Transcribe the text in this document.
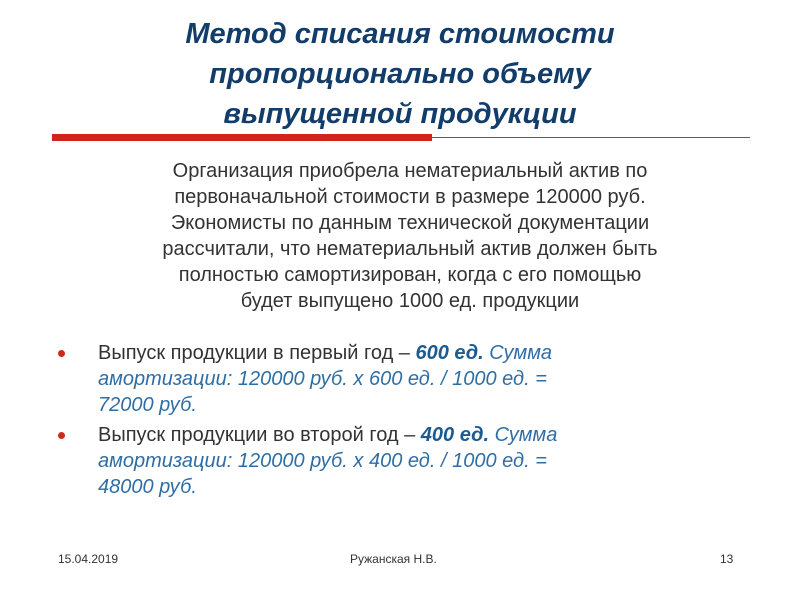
Метод списания стоимости
пропорционально объему
выпущенной продукции
Организация приобрела нематериальный актив по
первоначальной стоимости в размере 120000 руб.
Экономисты по данным технической документации
рассчитали, что нематериальный актив должен быть
полностью самортизирован, когда с его помощью
будет выпущено 1000 ед. продукции
Выпуск продукции в первый год – 600 ед. Сумма
амортизации: 120000 руб. х 600 ед. / 1000 ед. =
72000 руб.
Выпуск продукции во второй год – 400 ед. Сумма
амортизации: 120000 руб. х 400 ед. / 1000 ед. =
48000 руб.
15.04.2019	Ружанская Н.В.	13
